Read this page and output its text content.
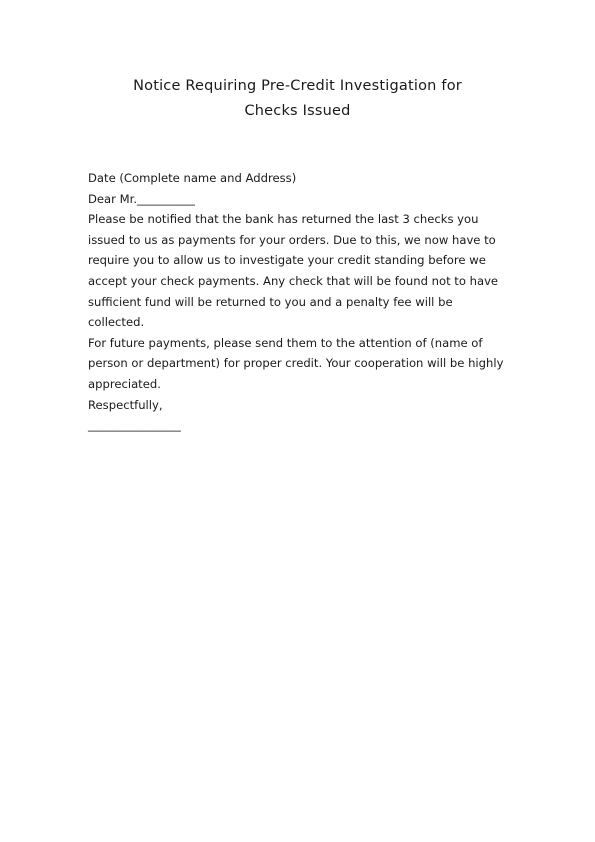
Notice Requiring Pre-Credit Investigation for
Checks Issued
Date (Complete name and Address)
Dear Mr.__________
Please be notified that the bank has returned the last 3 checks you
issued to us as payments for your orders. Due to this, we now have to
require you to allow us to investigate your credit standing before we
accept your check payments. Any check that will be found not to have
sufficient fund will be returned to you and a penalty fee will be
collected.
For future payments, please send them to the attention of (name of
person or department) for proper credit. Your cooperation will be highly
appreciated.
Respectfully,
________________
